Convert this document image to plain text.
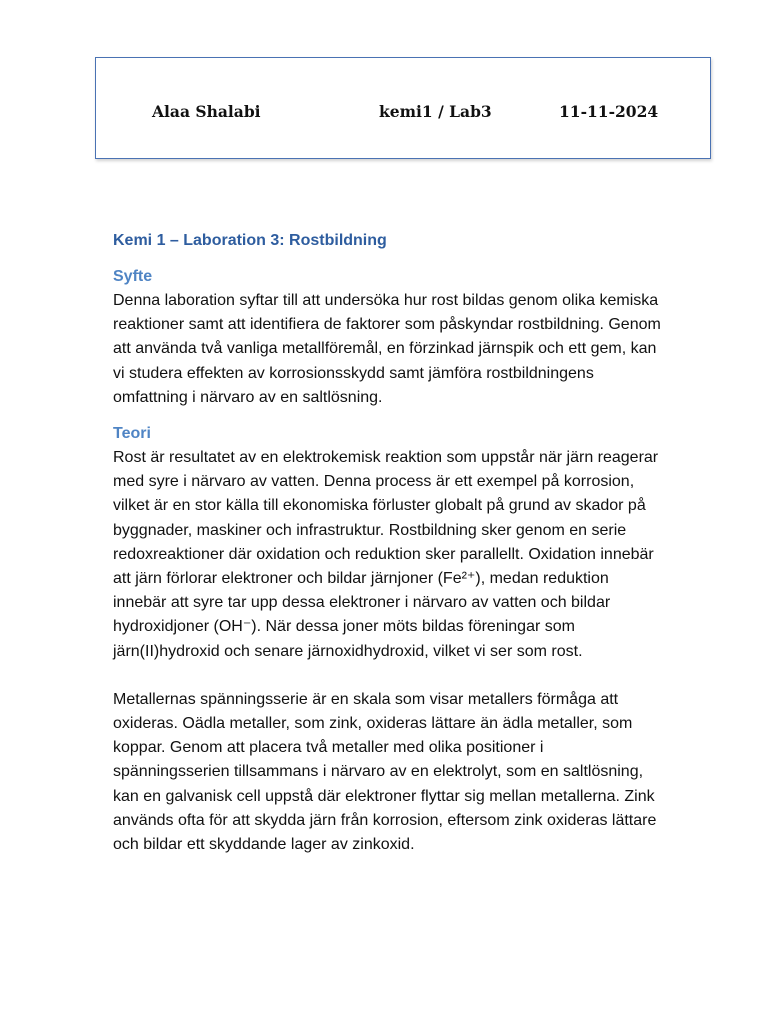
Alaa Shalabi	kemi1 / Lab3	11-11-2024
Kemi 1 – Laboration 3: Rostbildning
Syfte

Denna laboration syftar till att undersöka hur rost bildas genom olika kemiska reaktioner samt att identifiera de faktorer som påskyndar rostbildning. Genom att använda två vanliga metallföremål, en förzinkad järnspik och ett gem, kan vi studera effekten av korrosionsskydd samt jämföra rostbildningens omfattning i närvaro av en saltlösning.

Teori

Rost är resultatet av en elektrokemisk reaktion som uppstår när järn reagerar med syre i närvaro av vatten. Denna process är ett exempel på korrosion, vilket är en stor källa till ekonomiska förluster globalt på grund av skador på byggnader, maskiner och infrastruktur. Rostbildning sker genom en serie redoxreaktioner där oxidation och reduktion sker parallellt. Oxidation innebär att järn förlorar elektroner och bildar järnjoner (Fe²⁺), medan reduktion innebär att syre tar upp dessa elektroner i närvaro av vatten och bildar hydroxidjoner (OH⁻). När dessa joner möts bildas föreningar som järn(II)hydroxid och senare järnoxidhydroxid, vilket vi ser som rost.

Metallernas spänningsserie är en skala som visar metallers förmåga att oxideras. Oädla metaller, som zink, oxideras lättare än ädla metaller, som koppar. Genom att placera två metaller med olika positioner i spänningsserien tillsammans i närvaro av en elektrolyt, som en saltlösning, kan en galvanisk cell uppstå där elektroner flyttar sig mellan metallerna. Zink används ofta för att skydda järn från korrosion, eftersom zink oxideras lättare och bildar ett skyddande lager av zinkoxid.
